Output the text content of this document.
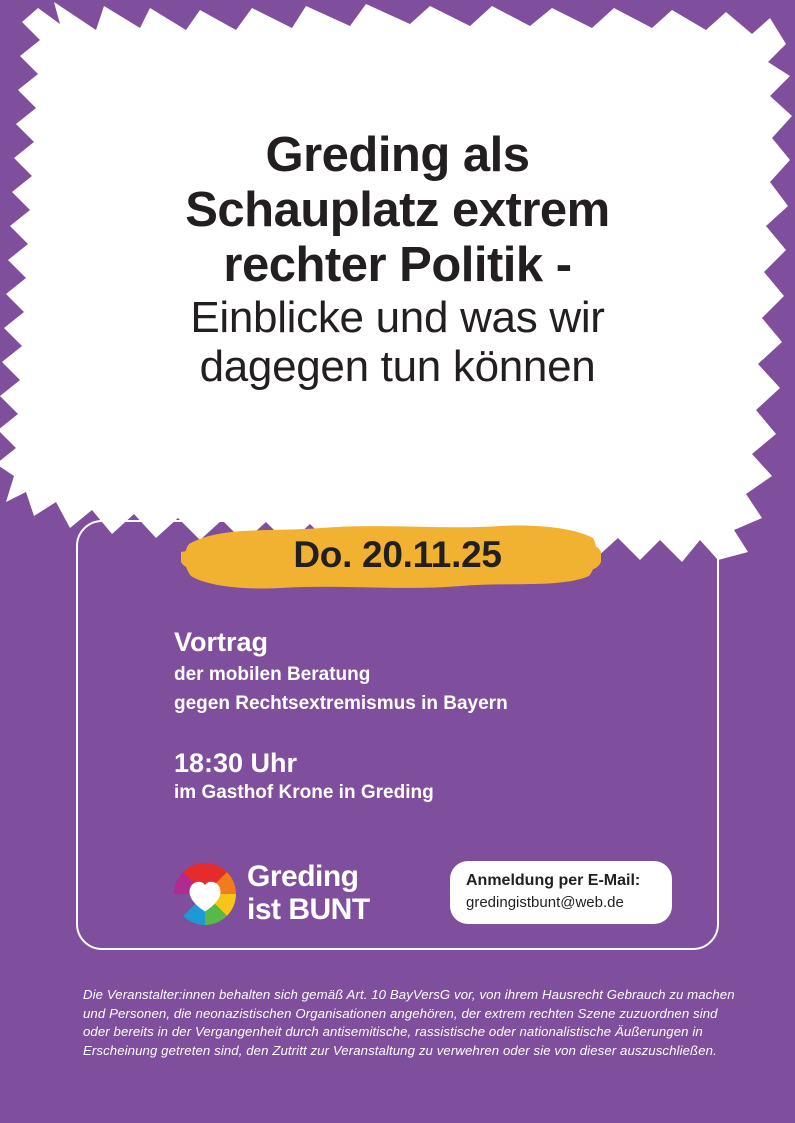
Greding als
Schauplatz extrem
rechter Politik -
Einblicke und was wir
dagegen tun können
Do. 20.11.25

Vortrag

der mobilen Beratung

gegen Rechtsextremismus in Bayern

18:30 Uhr

im Gasthof Krone in Greding

Greding
ist BUNT

Anmeldung per E-Mail:

gredingistbunt@web.de

Die Veranstalter:innen behalten sich gemäß Art. 10 BayVersG vor, von ihrem Hausrecht Gebrauch zu machen und Personen, die neonazistischen Organisationen angehören, der extrem rechten Szene zuzuordnen sind oder bereits in der Vergangenheit durch antisemitische, rassistische oder nationalistische Äußerungen in Erscheinung getreten sind, den Zutritt zur Veranstaltung zu verwehren oder sie von dieser auszuschließen.
